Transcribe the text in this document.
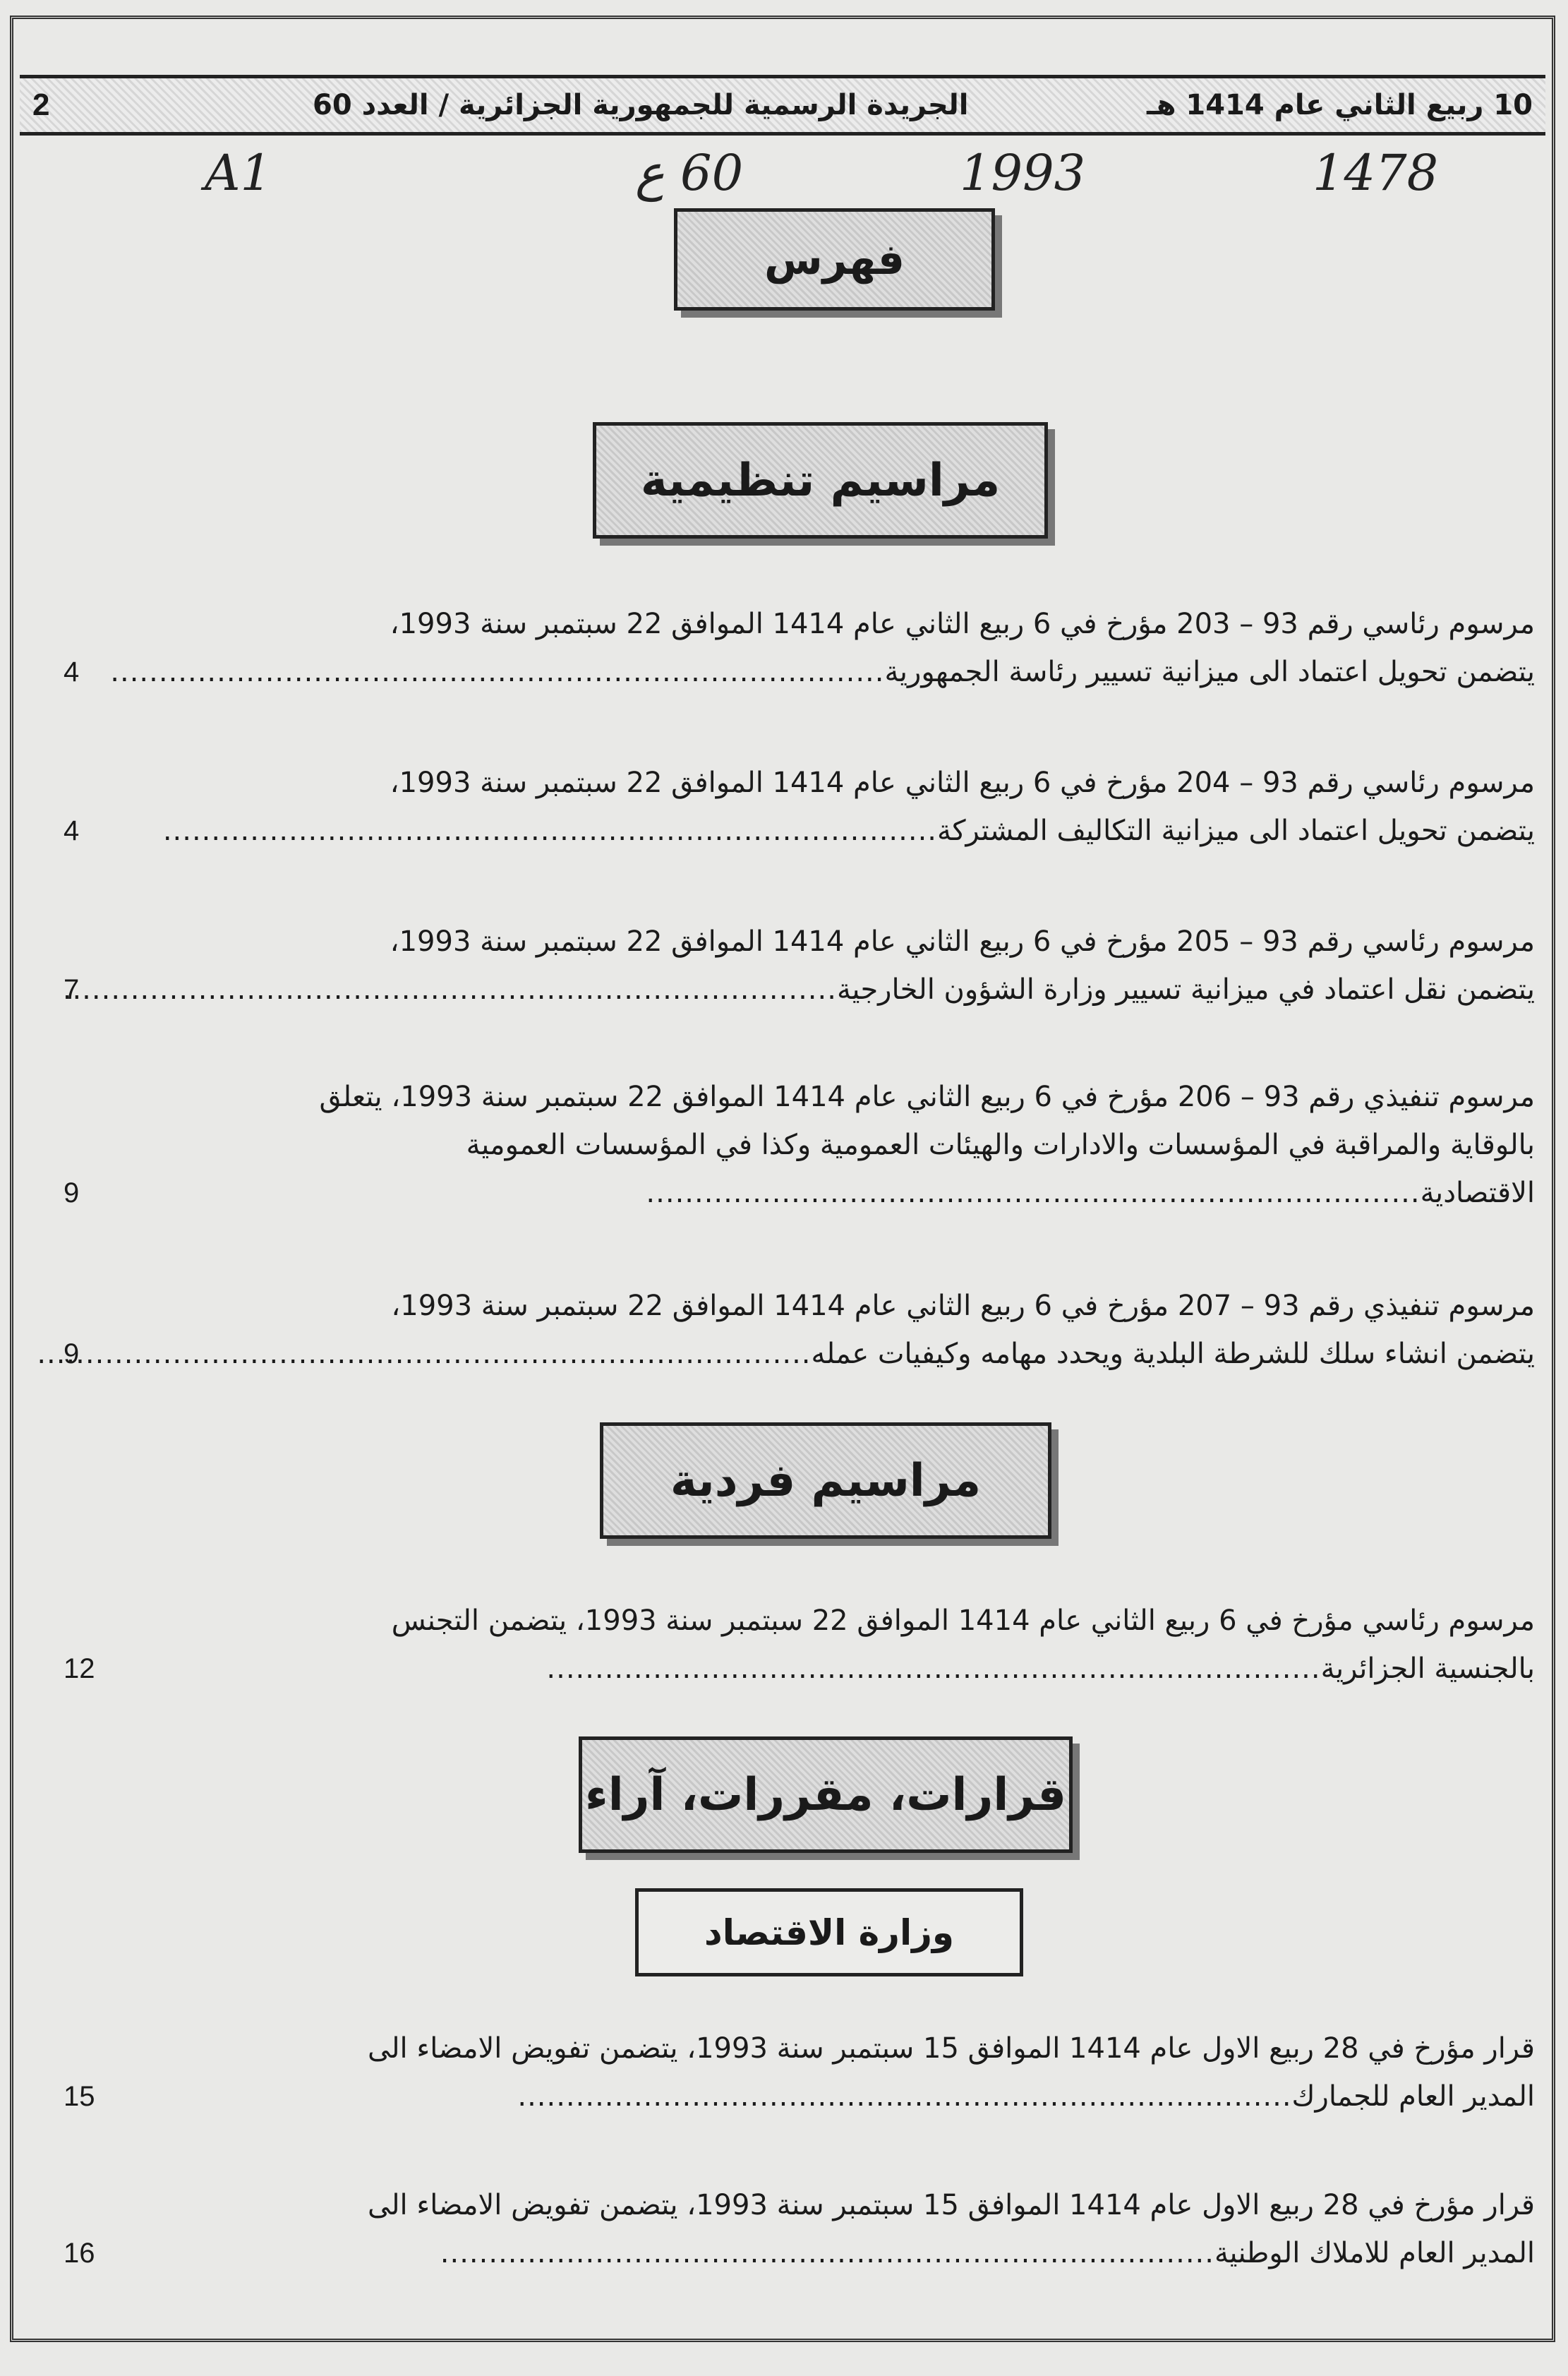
2	الجريدة الرسمية للجمهورية الجزائرية / العدد 60	10 ربيع الثاني عام 1414 هـ
A1	60 ع	1993	1478
فهرس
مراسيم تنظيمية
مرسوم رئاسي رقم 93 – 203 مؤرخ في 6 ربيع الثاني عام 1414 الموافق 22 سبتمبر سنة 1993،
يتضمن تحويل اعتماد الى ميزانية تسيير رئاسة الجمهورية.....
4
مرسوم رئاسي رقم 93 – 204 مؤرخ في 6 ربيع الثاني عام 1414 الموافق 22 سبتمبر سنة 1993،
يتضمن تحويل اعتماد الى ميزانية التكاليف المشتركة.....
4
مرسوم رئاسي رقم 93 – 205 مؤرخ في 6 ربيع الثاني عام 1414 الموافق 22 سبتمبر سنة 1993،
يتضمن نقل اعتماد في ميزانية تسيير وزارة الشؤون الخارجية.....
7
مرسوم تنفيذي رقم 93 – 206 مؤرخ في 6 ربيع الثاني عام 1414 الموافق 22 سبتمبر سنة 1993، يتعلق
بالوقاية والمراقبة في المؤسسات والادارات والهيئات العمومية وكذا في المؤسسات العمومية
الاقتصادية.....
9
مرسوم تنفيذي رقم 93 – 207 مؤرخ في 6 ربيع الثاني عام 1414 الموافق 22 سبتمبر سنة 1993،
يتضمن انشاء سلك للشرطة البلدية ويحدد مهامه وكيفيات عمله.....
9
مراسيم فردية
مرسوم رئاسي مؤرخ في 6 ربيع الثاني عام 1414 الموافق 22 سبتمبر سنة 1993، يتضمن التجنس
بالجنسية الجزائرية.....
12
قرارات، مقررات، آراء
وزارة الاقتصاد
قرار مؤرخ في 28 ربيع الاول عام 1414 الموافق 15 سبتمبر سنة 1993، يتضمن تفويض الامضاء الى
المدير العام للجمارك.....
15
قرار مؤرخ في 28 ربيع الاول عام 1414 الموافق 15 سبتمبر سنة 1993، يتضمن تفويض الامضاء الى
المدير العام للاملاك الوطنية.....
16
